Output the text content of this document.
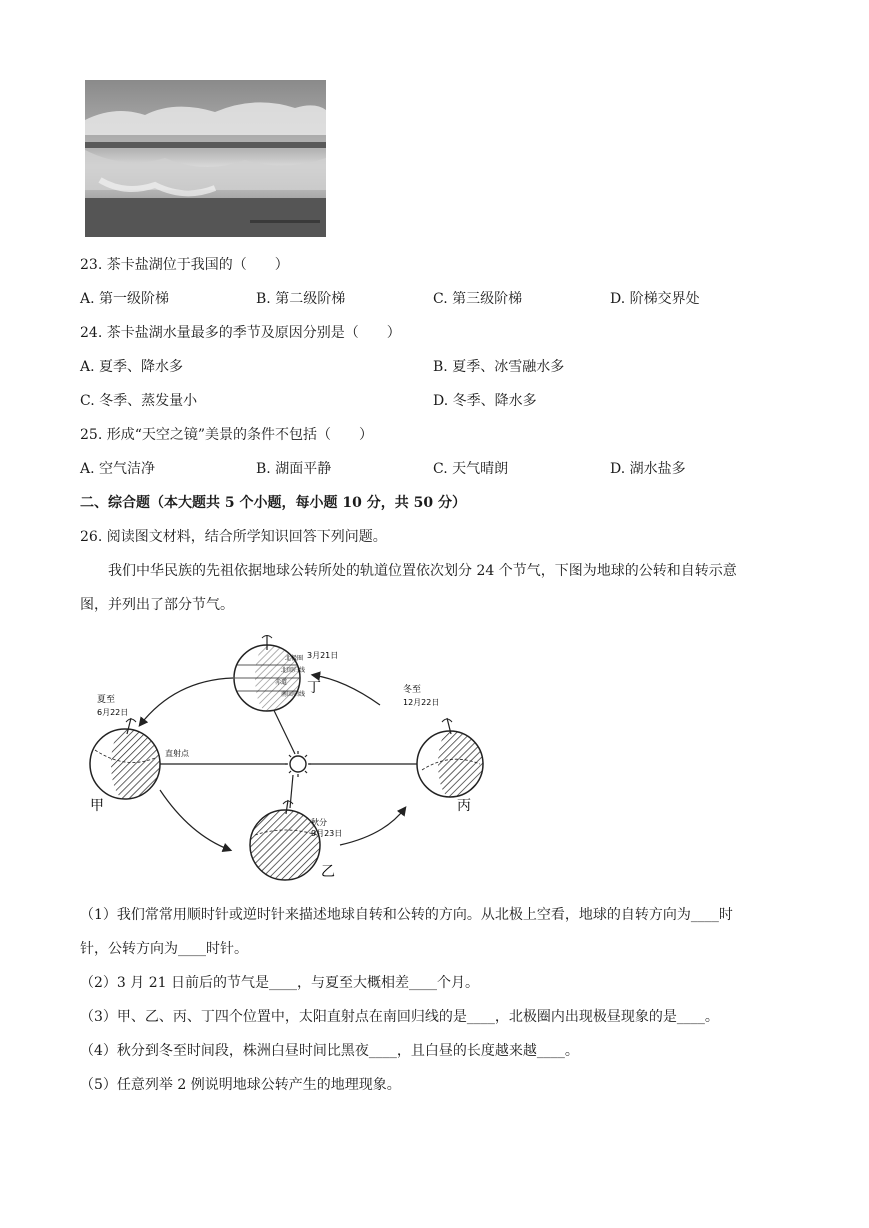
23. 茶卡盐湖位于我国的（　　）
A. 第一级阶梯	B. 第二级阶梯	C. 第三级阶梯	D. 阶梯交界处
24. 茶卡盐湖水量最多的季节及原因分别是（　　）
A. 夏季、降水多	B. 夏季、冰雪融水多
C. 冬季、蒸发量小	D. 冬季、降水多
25. 形成“天空之镜”美景的条件不包括（　　）
A. 空气洁净	B. 湖面平静	C. 天气晴朗	D. 湖水盐多
二、综合题（本大题共 5 个小题，每小题 10 分，共 50 分）
26. 阅读图文材料，结合所学知识回答下列问题。
我们中华民族的先祖依据地球公转所处的轨道位置依次划分 24 个节气，下图为地球的公转和自转示意
图，并列出了部分节气。
北极圈
北回归线
赤道
南回归线
3月21日
丁
夏至
6月22日
直射点
甲
冬至
12月22日
丙
秋分
9月23日
乙
（1）我们常常用顺时针或逆时针来描述地球自转和公转的方向。从北极上空看，地球的自转方向为____时
针，公转方向为____时针。
（2）3 月 21 日前后的节气是____，与夏至大概相差____个月。
（3）甲、乙、丙、丁四个位置中，太阳直射点在南回归线的是____，北极圈内出现极昼现象的是____。
（4）秋分到冬至时间段，株洲白昼时间比黑夜____，且白昼的长度越来越____。
（5）任意列举 2 例说明地球公转产生的地理现象。
